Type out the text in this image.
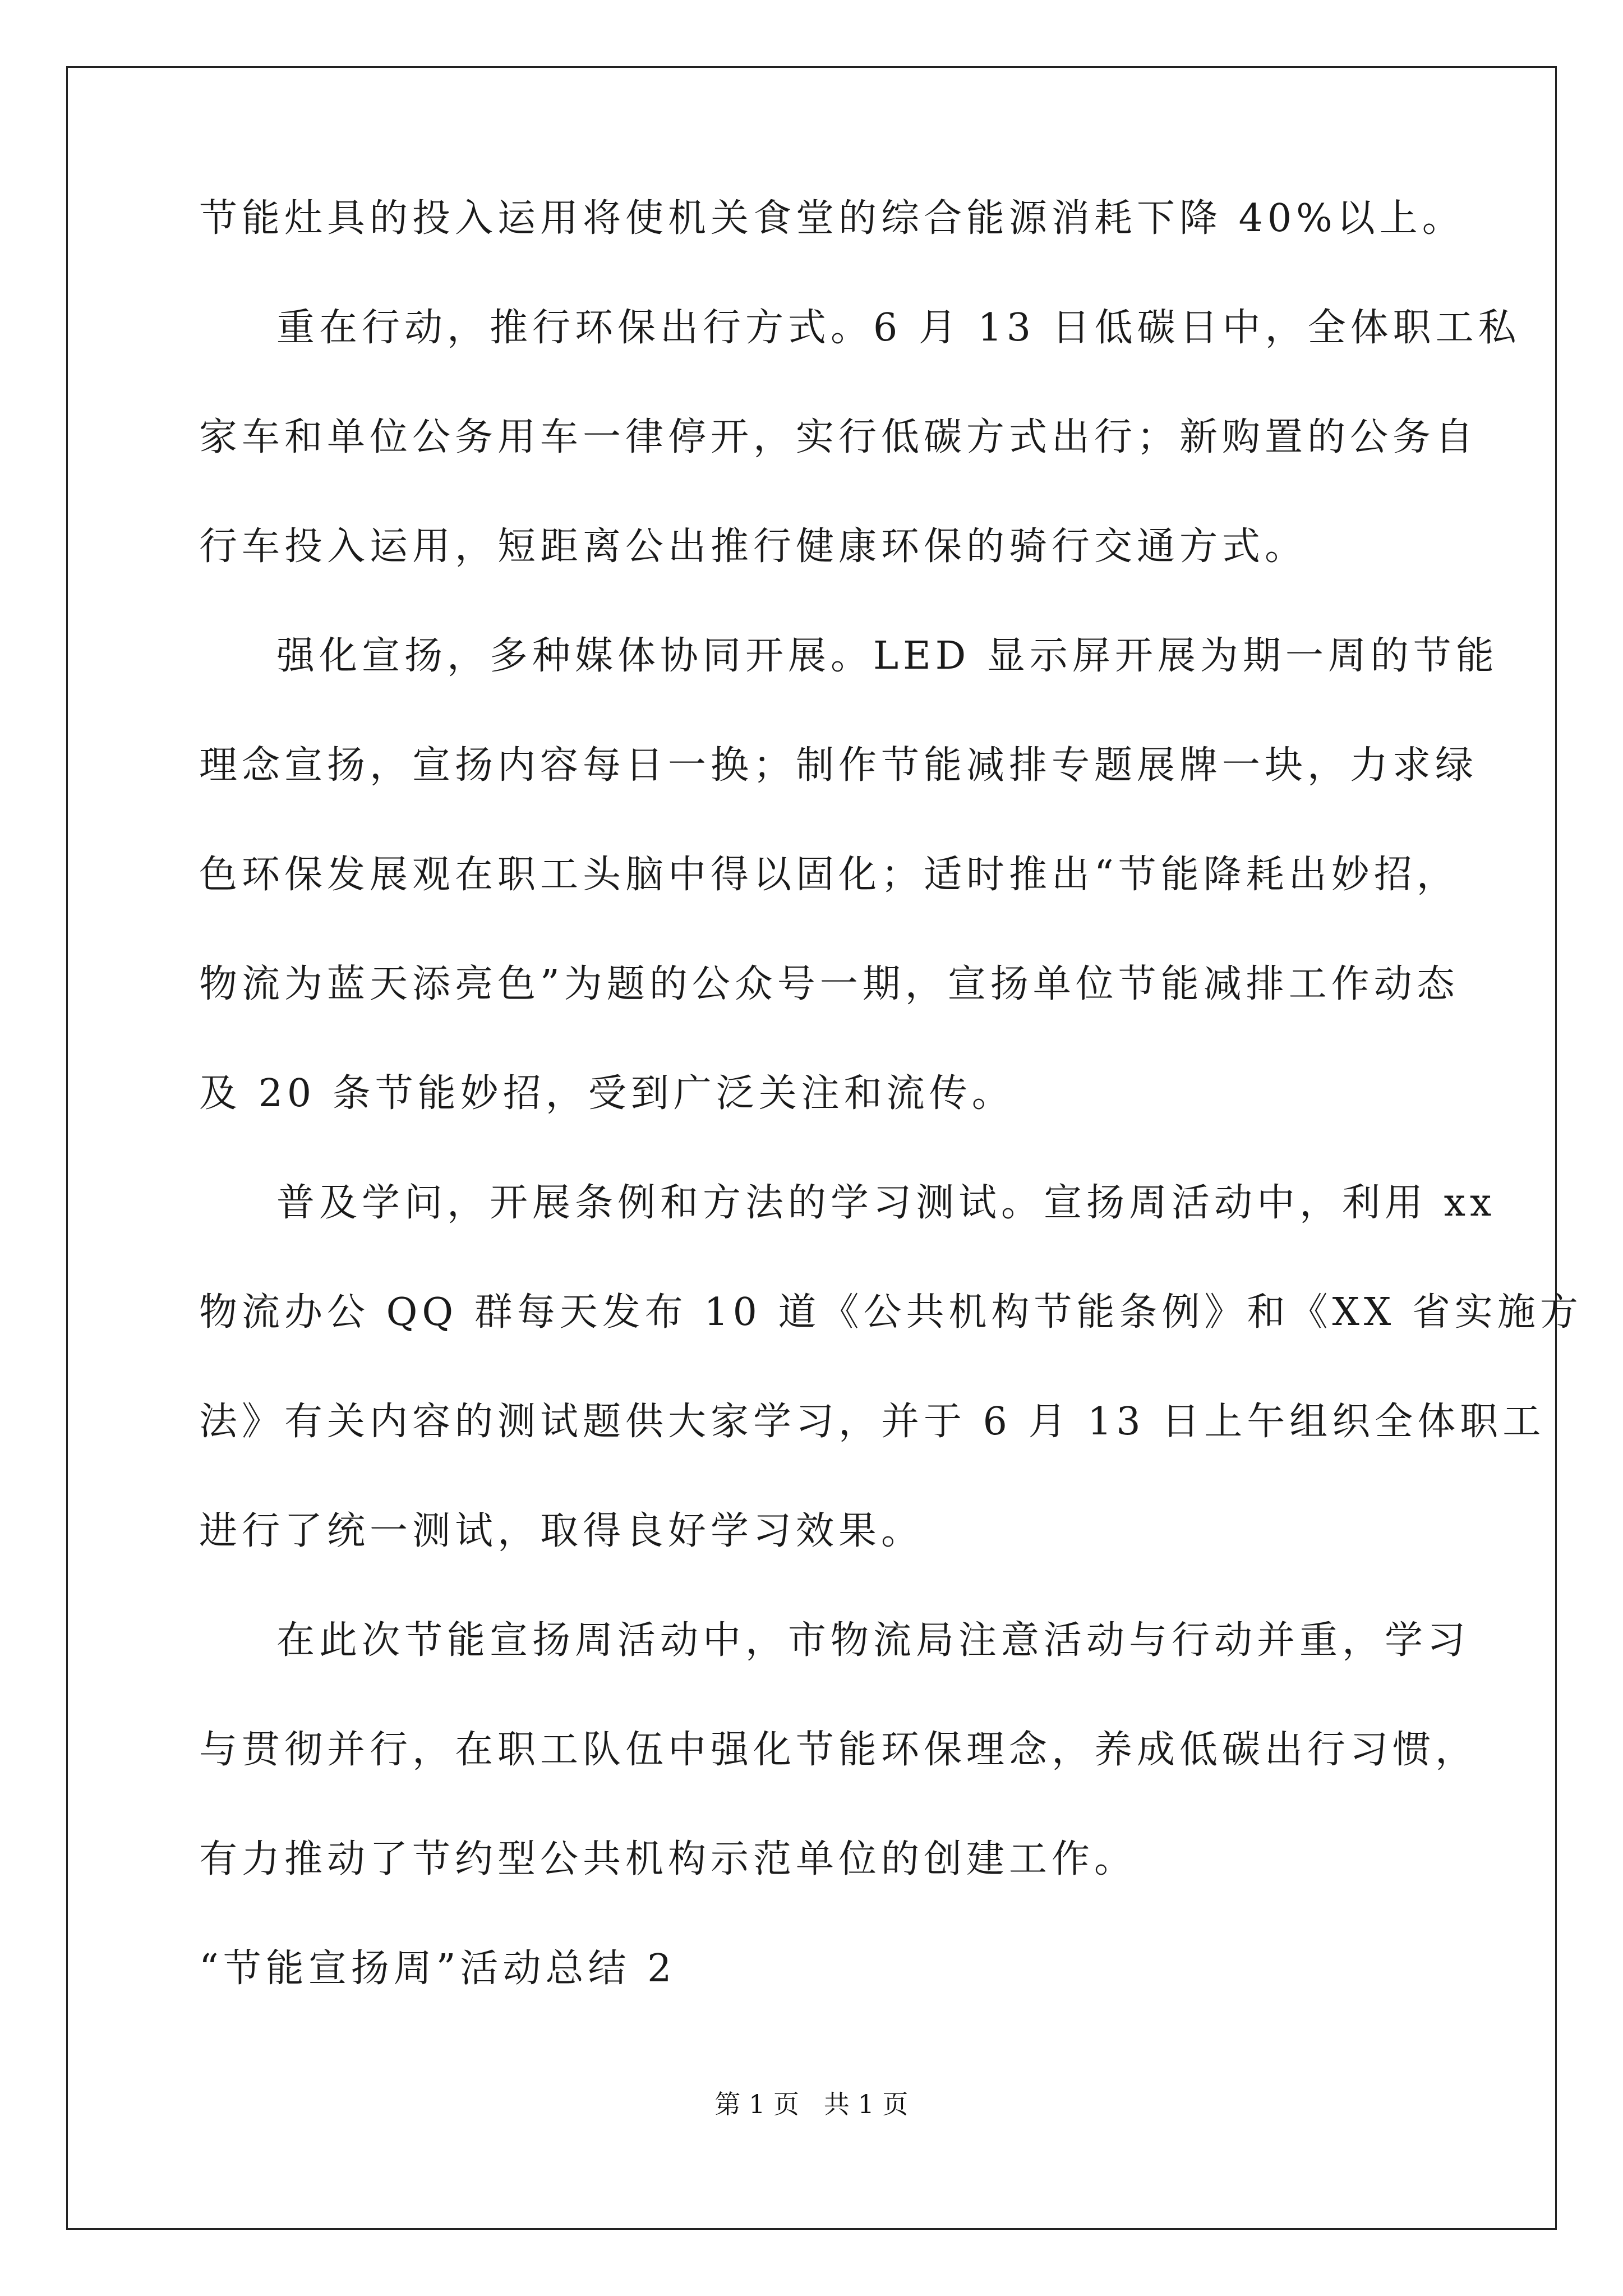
节能灶具的投入运用将使机关食堂的综合能源消耗下降 40%以上。
重在行动，推行环保出行方式。6 月 13 日低碳日中，全体职工私
家车和单位公务用车一律停开，实行低碳方式出行；新购置的公务自
行车投入运用，短距离公出推行健康环保的骑行交通方式。
强化宣扬，多种媒体协同开展。LED 显示屏开展为期一周的节能
理念宣扬，宣扬内容每日一换；制作节能减排专题展牌一块，力求绿
色环保发展观在职工头脑中得以固化；适时推出“节能降耗出妙招，
物流为蓝天添亮色”为题的公众号一期，宣扬单位节能减排工作动态
及 20 条节能妙招，受到广泛关注和流传。
普及学问，开展条例和方法的学习测试。宣扬周活动中，利用 xx
物流办公 QQ 群每天发布 10 道《公共机构节能条例》和《XX 省实施方
法》有关内容的测试题供大家学习，并于 6 月 13 日上午组织全体职工
进行了统一测试，取得良好学习效果。
在此次节能宣扬周活动中，市物流局注意活动与行动并重，学习
与贯彻并行，在职工队伍中强化节能环保理念，养成低碳出行习惯，
有力推动了节约型公共机构示范单位的创建工作。
“节能宣扬周”活动总结 2
第 1 页   共 1 页
